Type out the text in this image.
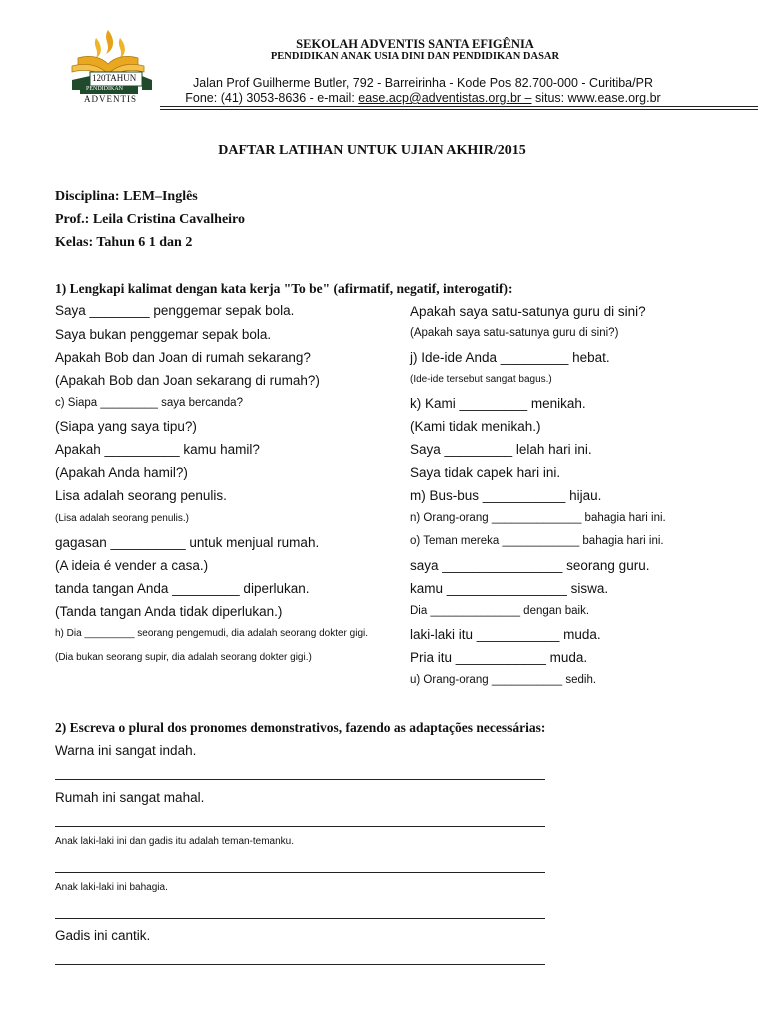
120TAHUN
PENDIDIKAN
ADVENTIS
SEKOLAH ADVENTIS SANTA EFIGÊNIA
PENDIDIKAN ANAK USIA DINI DAN PENDIDIKAN DASAR
Jalan Prof Guilherme Butler, 792 - Barreirinha - Kode Pos 82.700-000 - Curitiba/PR
Fone: (41) 3053-8636 - e-mail: ease.acp@adventistas.org.br – situs: www.ease.org.br
DAFTAR LATIHAN UNTUK UJIAN AKHIR/2015
Disciplina: LEM–Inglês
Prof.: Leila Cristina Cavalheiro
Kelas: Tahun 6 1 dan 2
1) Lengkapi kalimat dengan kata kerja "To be" (afirmatif, negatif, interogatif):
Saya ________ penggemar sepak bola.
Saya bukan penggemar sepak bola.
Apakah Bob dan Joan di rumah sekarang?
(Apakah Bob dan Joan sekarang di rumah?)
c) Siapa _________ saya bercanda?
(Siapa yang saya tipu?)
Apakah __________ kamu hamil?
(Apakah Anda hamil?)
Lisa adalah seorang penulis.
(Lisa adalah seorang penulis.)
gagasan __________ untuk menjual rumah.
(A ideia é vender a casa.)
tanda tangan Anda _________ diperlukan.
(Tanda tangan Anda tidak diperlukan.)
h) Dia _________ seorang pengemudi, dia adalah seorang dokter gigi.
(Dia bukan seorang supir, dia adalah seorang dokter gigi.)
Apakah saya satu-satunya guru di sini?
(Apakah saya satu-satunya guru di sini?)
j) Ide-ide Anda _________ hebat.
(Ide-ide tersebut sangat bagus.)
k) Kami _________ menikah.
(Kami tidak menikah.)
Saya _________ lelah hari ini.
Saya tidak capek hari ini.
m) Bus-bus ___________ hijau.
n) Orang-orang ______________ bahagia hari ini.
o) Teman mereka ____________ bahagia hari ini.
saya ________________ seorang guru.
kamu ________________ siswa.
Dia ______________ dengan baik.
laki-laki itu ___________ muda.
Pria itu ____________ muda.
u) Orang-orang ___________ sedih.
2) Escreva o plural dos pronomes demonstrativos, fazendo as adaptações necessárias:
Warna ini sangat indah.
Rumah ini sangat mahal.
Anak laki-laki ini dan gadis itu adalah teman-temanku.
Anak laki-laki ini bahagia.
Gadis ini cantik.
